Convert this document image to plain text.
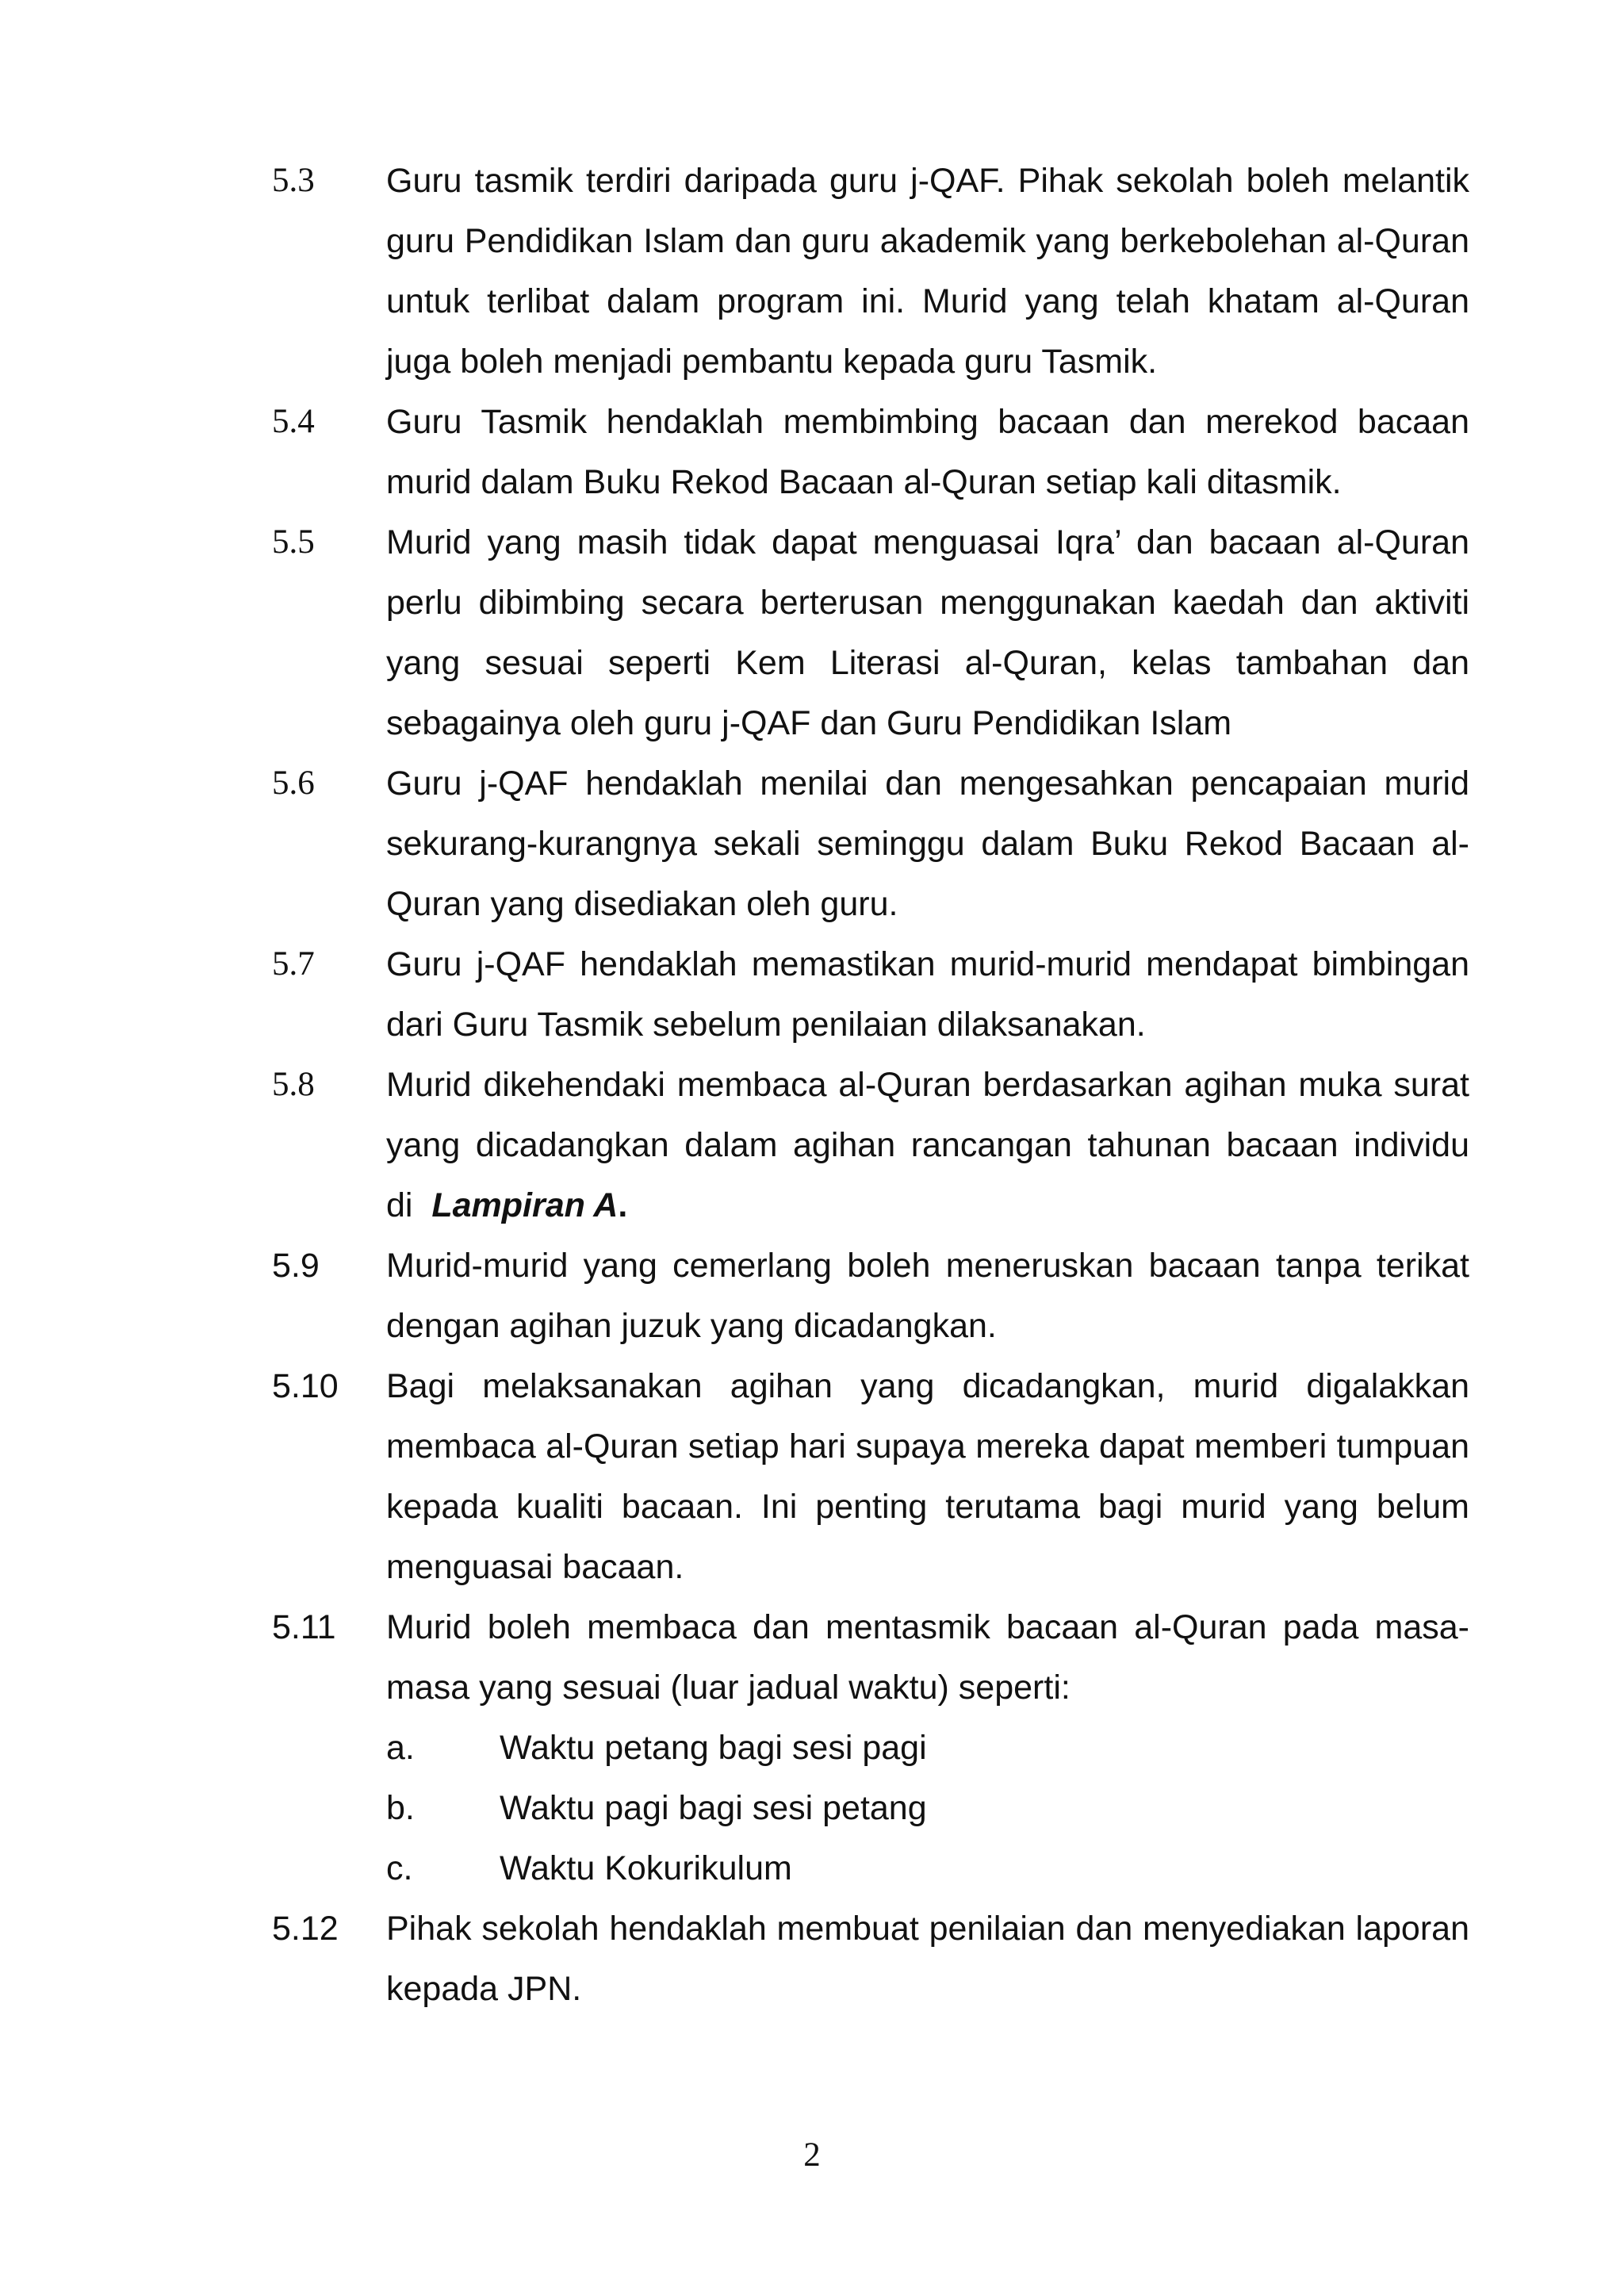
5.3	Guru tasmik terdiri daripada guru j-QAF. Pihak sekolah boleh melantik guru Pendidikan Islam dan guru akademik yang berkebolehan al-Quran untuk terlibat dalam program ini. Murid yang telah khatam al-Quran juga boleh menjadi pembantu kepada guru Tasmik.
5.4	Guru Tasmik hendaklah membimbing bacaan dan merekod bacaan murid dalam Buku Rekod Bacaan al-Quran setiap kali ditasmik.
5.5	Murid yang masih tidak dapat menguasai Iqra’ dan bacaan al-Quran perlu dibimbing secara berterusan menggunakan kaedah dan aktiviti yang sesuai seperti Kem Literasi al-Quran, kelas tambahan dan sebagainya oleh guru j-QAF dan Guru Pendidikan Islam
5.6	Guru j-QAF hendaklah menilai dan mengesahkan pencapaian murid sekurang-kurangnya sekali seminggu dalam Buku Rekod Bacaan al-Quran yang disediakan oleh guru.
5.7	Guru j-QAF hendaklah memastikan murid-murid mendapat bimbingan dari Guru Tasmik sebelum penilaian dilaksanakan.
5.8	Murid dikehendaki membaca al-Quran berdasarkan agihan muka surat yang dicadangkan dalam agihan rancangan tahunan bacaan individu di Lampiran A.
5.9	Murid-murid yang cemerlang boleh meneruskan bacaan tanpa terikat dengan agihan juzuk yang dicadangkan.
5.10	Bagi melaksanakan agihan yang dicadangkan, murid digalakkan membaca al-Quran setiap hari supaya mereka dapat memberi tumpuan kepada kualiti bacaan. Ini penting terutama bagi murid yang belum menguasai bacaan.
5.11	Murid boleh membaca dan mentasmik bacaan al-Quran pada masa-masa yang sesuai (luar jadual waktu) seperti:
a. Waktu petang bagi sesi pagi
b. Waktu pagi bagi sesi petang
c.	Waktu Kokurikulum
5.12	Pihak sekolah hendaklah membuat penilaian dan menyediakan laporan kepada JPN.
2
